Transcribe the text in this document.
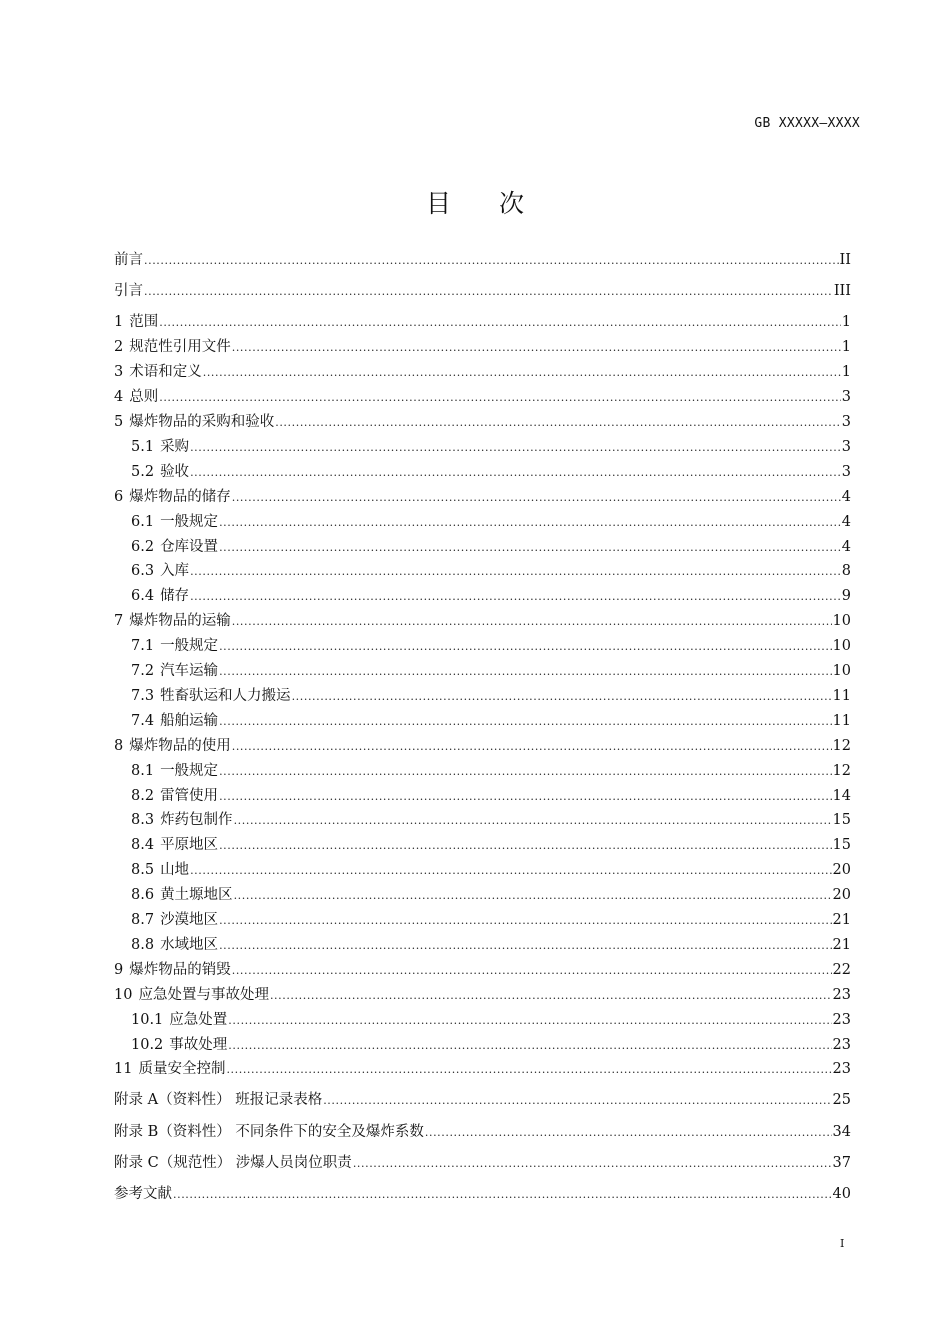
GB XXXXX—XXXX
目 次
前言 .....	II
引言 .....	III
1 范围 .....	1
2 规范性引用文件 .....	1
3 术语和定义 .....	1
4 总则 .....	3
5 爆炸物品的采购和验收 .....	3
5.1 采购 .....	3
5.2 验收 .....	3
6 爆炸物品的储存 .....	4
6.1 一般规定 .....	4
6.2 仓库设置 .....	4
6.3 入库 .....	8
6.4 储存 .....	9
7 爆炸物品的运输 .....	10
7.1 一般规定 .....	10
7.2 汽车运输 .....	10
7.3 牲畜驮运和人力搬运 .....	11
7.4 船舶运输 .....	11
8 爆炸物品的使用 .....	12
8.1 一般规定 .....	12
8.2 雷管使用 .....	14
8.3 炸药包制作 .....	15
8.4 平原地区 .....	15
8.5 山地 .....	20
8.6 黄土塬地区 .....	20
8.7 沙漠地区 .....	21
8.8 水域地区 .....	21
9 爆炸物品的销毁 .....	22
10 应急处置与事故处理 .....	23
10.1 应急处置 .....	23
10.2 事故处理 .....	23
11 质量安全控制 .....	23
附录 A（资料性） 班报记录表格 .....	25
附录 B（资料性） 不同条件下的安全及爆炸系数 .....	34
附录 C（规范性） 涉爆人员岗位职责 .....	37
参考文献 .....	40
I
